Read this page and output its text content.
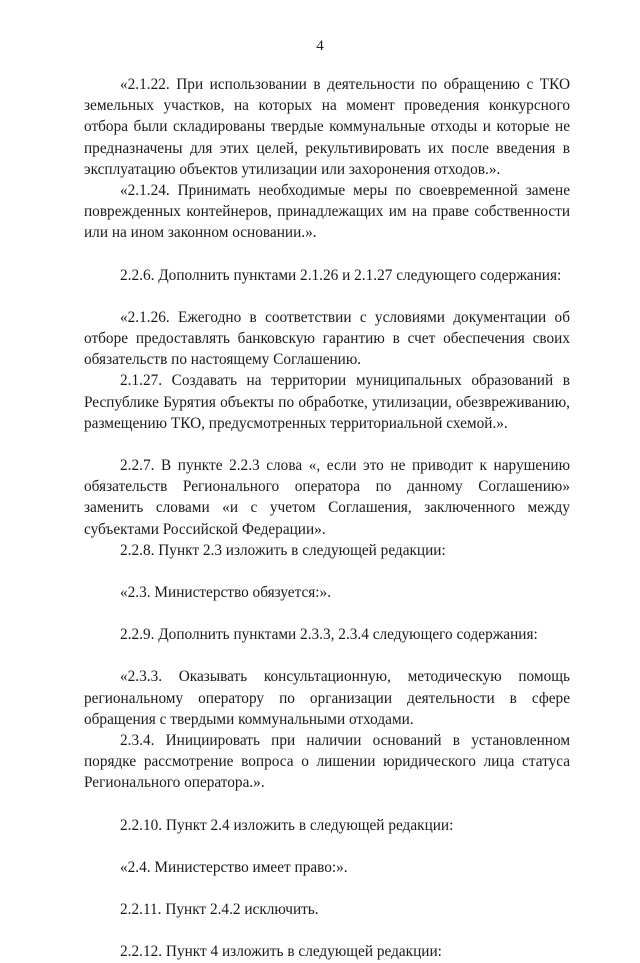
4

«2.1.22. При использовании в деятельности по обращению с ТКО земельных участков, на которых на момент проведения конкурсного отбора были складированы твердые коммунальные отходы и которые не предназначены для этих целей, рекультивировать их после введения в эксплуатацию объектов утилизации или захоронения отходов.».

«2.1.24. Принимать необходимые меры по своевременной замене поврежденных контейнеров, принадлежащих им на праве собственности или на ином законном основании.».

2.2.6. Дополнить пунктами 2.1.26 и 2.1.27 следующего содержания:

«2.1.26. Ежегодно в соответствии с условиями документации об отборе предоставлять банковскую гарантию в счет обеспечения своих обязательств по настоящему Соглашению.

2.1.27. Создавать на территории муниципальных образований в Республике Бурятия объекты по обработке, утилизации, обезвреживанию, размещению ТКО, предусмотренных территориальной схемой.».

2.2.7. В пункте 2.2.3 слова «, если это не приводит к нарушению обязательств Регионального оператора по данному Соглашению» заменить словами «и с учетом Соглашения, заключенного между субъектами Российской Федерации».

2.2.8. Пункт 2.3 изложить в следующей редакции:

«2.3. Министерство обязуется:».

2.2.9. Дополнить пунктами 2.3.3, 2.3.4 следующего содержания:

«2.3.3. Оказывать консультационную, методическую помощь региональному оператору по организации деятельности в сфере обращения с твердыми коммунальными отходами.

2.3.4. Инициировать при наличии оснований в установленном порядке рассмотрение вопроса о лишении юридического лица статуса Регионального оператора.».

2.2.10. Пункт 2.4 изложить в следующей редакции:

«2.4. Министерство имеет право:».

2.2.11. Пункт 2.4.2 исключить.

2.2.12. Пункт 4 изложить в следующей редакции:
